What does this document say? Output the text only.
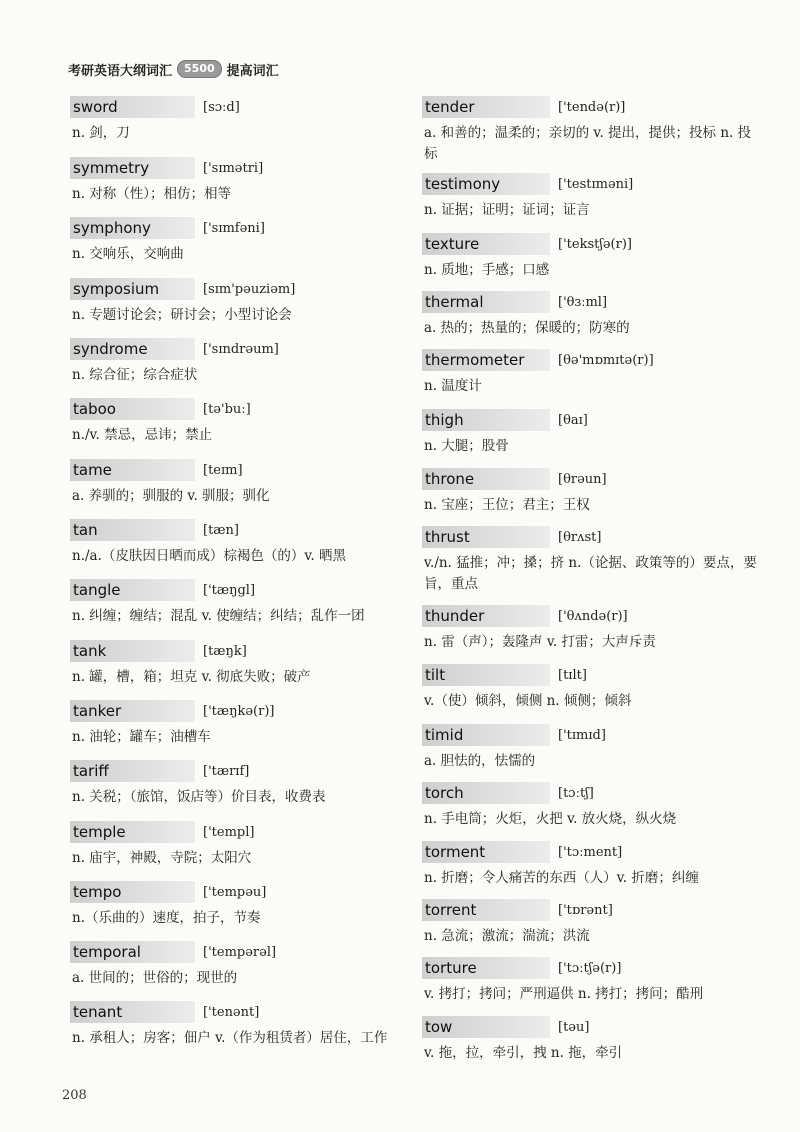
考研英语大纲词汇	5500 提高词汇
sword	[sɔːd]
n. 剑，刀
symmetry	['sɪmətri]
n. 对称（性）；相仿；相等
symphony	['sɪmfəni]
n. 交响乐，交响曲
symposium	[sɪm'pəuziəm]
n. 专题讨论会；研讨会；小型讨论会
syndrome	['sɪndrəum]
n. 综合征；综合症状
taboo	[tə'buː]
n./v. 禁忌，忌讳；禁止
tame	[teɪm]
a. 养驯的；驯服的 v. 驯服；驯化
tan	[tæn]
n./a.（皮肤因日晒而成）棕褐色（的）v. 晒黑
tangle	['tæŋgl]
n. 纠缠；缠结；混乱 v. 使缠结；纠结；乱作一团
tank	[tæŋk]
n. 罐，槽，箱；坦克 v. 彻底失败；破产
tanker	['tæŋkə(r)]
n. 油轮；罐车；油槽车
tariff	['tærɪf]
n. 关税；（旅馆，饭店等）价目表，收费表
temple	['templ]
n. 庙宇，神殿，寺院；太阳穴
tempo	['tempəu]
n.（乐曲的）速度，拍子，节奏
temporal	['tempərəl]
a. 世间的；世俗的；现世的
tenant	['tenənt]
n. 承租人；房客；佃户 v.（作为租赁者）居住，工作
tender	['tendə(r)]
a. 和善的；温柔的；亲切的 v. 提出，提供；投标 n. 投标
testimony	['testɪməni]
n. 证据；证明；证词；证言
texture	['tekstʃə(r)]
n. 质地；手感；口感
thermal	['θɜːml]
a. 热的；热量的；保暖的；防寒的
thermometer	[θə'mɒmɪtə(r)]
n. 温度计
thigh	[θaɪ]
n. 大腿；股骨
throne	[θrəun]
n. 宝座；王位；君主；王权
thrust	[θrʌst]
v./n. 猛推；冲；搡；挤 n.（论据、政策等的）要点，要旨，重点
thunder	['θʌndə(r)]
n. 雷（声）；轰隆声 v. 打雷；大声斥责
tilt	[tɪlt]
v.（使）倾斜，倾侧 n. 倾侧；倾斜
timid	['tɪmɪd]
a. 胆怯的，怯懦的
torch	[tɔːtʃ]
n. 手电筒；火炬，火把 v. 放火烧，纵火烧
torment	['tɔːment]
n. 折磨；令人痛苦的东西（人）v. 折磨；纠缠
torrent	['tɒrənt]
n. 急流；激流；湍流；洪流
torture	['tɔːtʃə(r)]
v. 拷打；拷问；严刑逼供 n. 拷打；拷问；酷刑
tow	[təu]
v. 拖，拉，牵引，拽 n. 拖，牵引
208
